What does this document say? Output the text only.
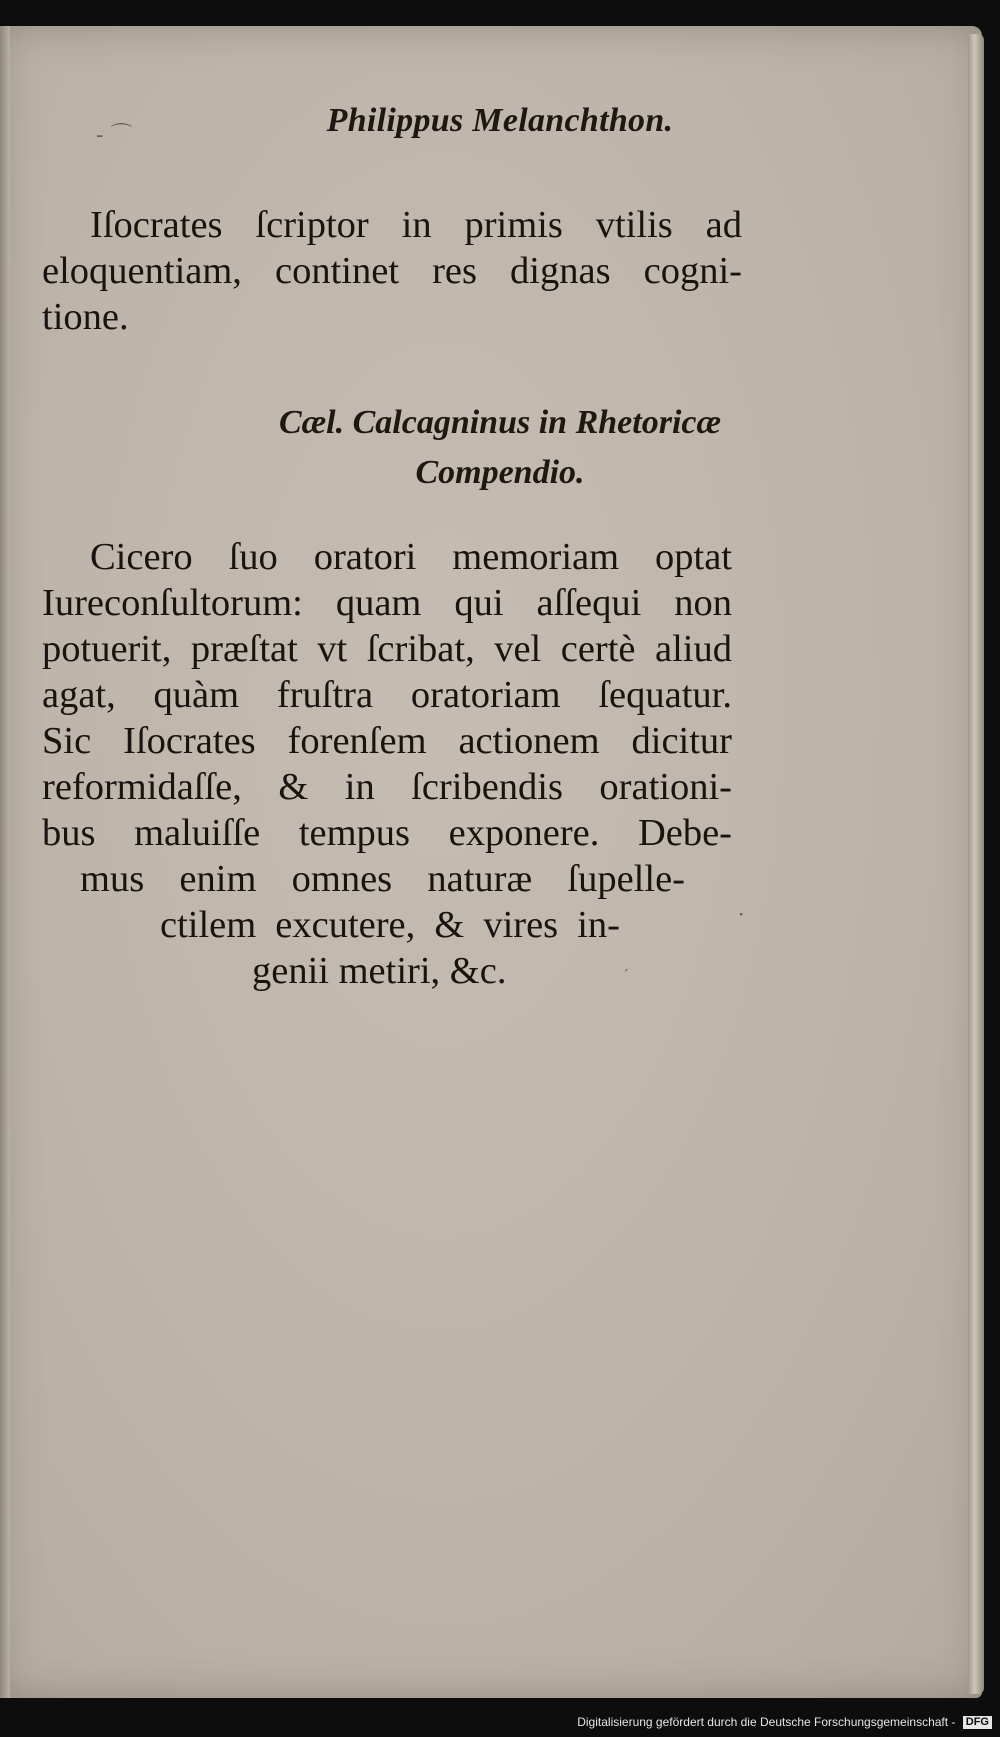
- ⌒	Philippus Melanchthon.
Iſocrates ſcriptor in primis vtilis ad
eloquentiam, continet res dignas cogni-
tione.
Cæl. Calcagninus in Rhetoricæ
Compendio.
Cicero ſuo oratori memoriam optat
Iureconſultorum: quam qui aſſequi non
potuerit, præſtat vt ſcribat, vel certè aliud
agat, quàm fruſtra oratoriam ſequatur.
Sic Iſocrates forenſem actionem dicitur
reformidaſſe, & in ſcribendis orationi-
bus maluiſſe tempus exponere. Debe-
mus enim omnes naturæ ſupelle-
ctilem excutere, & vires in-
genii metiri, &c.
·
ˊ
Digitalisierung gefördert durch die Deutsche Forschungsgemeinschaft - DFG
